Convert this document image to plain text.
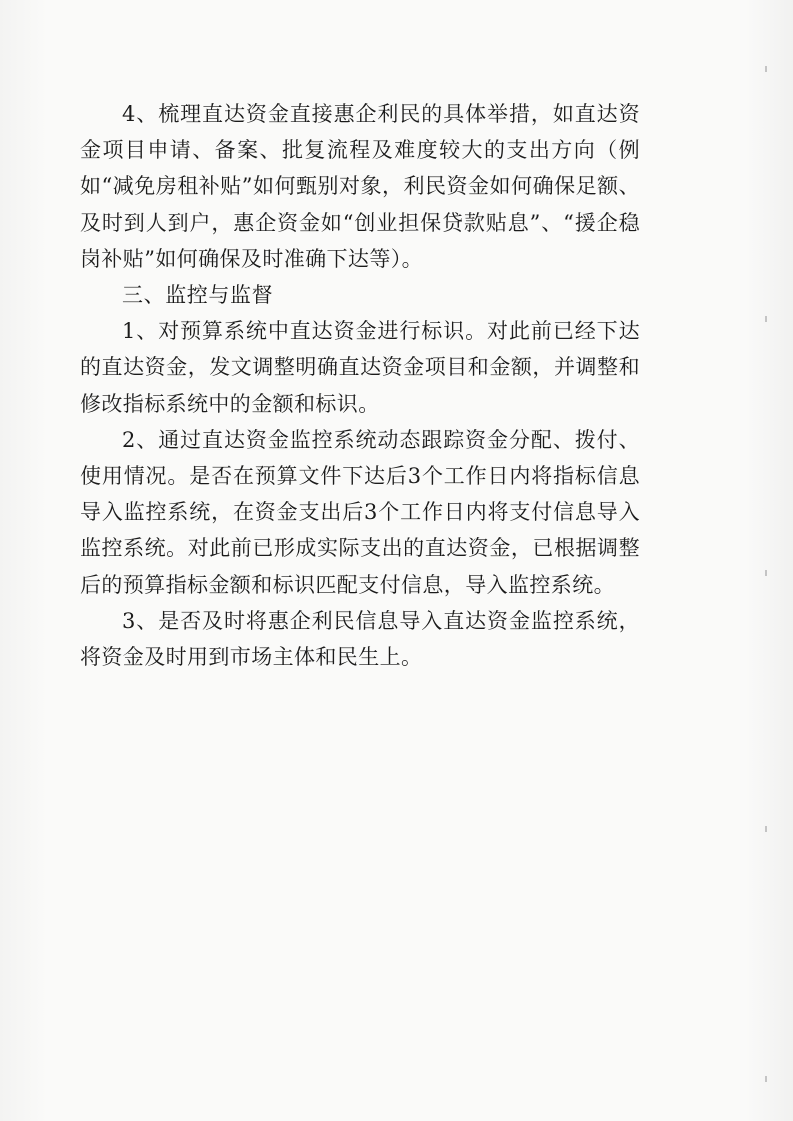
4、梳理直达资金直接惠企利民的具体举措，如直达资金项目申请、备案、批复流程及难度较大的支出方向（例如“减免房租补贴”如何甄别对象，利民资金如何确保足额、及时到人到户，惠企资金如“创业担保贷款贴息”、“援企稳岗补贴”如何确保及时准确下达等）。

三、监控与监督

1、对预算系统中直达资金进行标识。对此前已经下达的直达资金，发文调整明确直达资金项目和金额，并调整和修改指标系统中的金额和标识。

2、通过直达资金监控系统动态跟踪资金分配、拨付、使用情况。是否在预算文件下达后3个工作日内将指标信息导入监控系统，在资金支出后3个工作日内将支付信息导入监控系统。对此前已形成实际支出的直达资金，已根据调整后的预算指标金额和标识匹配支付信息，导入监控系统。

3、是否及时将惠企利民信息导入直达资金监控系统，将资金及时用到市场主体和民生上。
